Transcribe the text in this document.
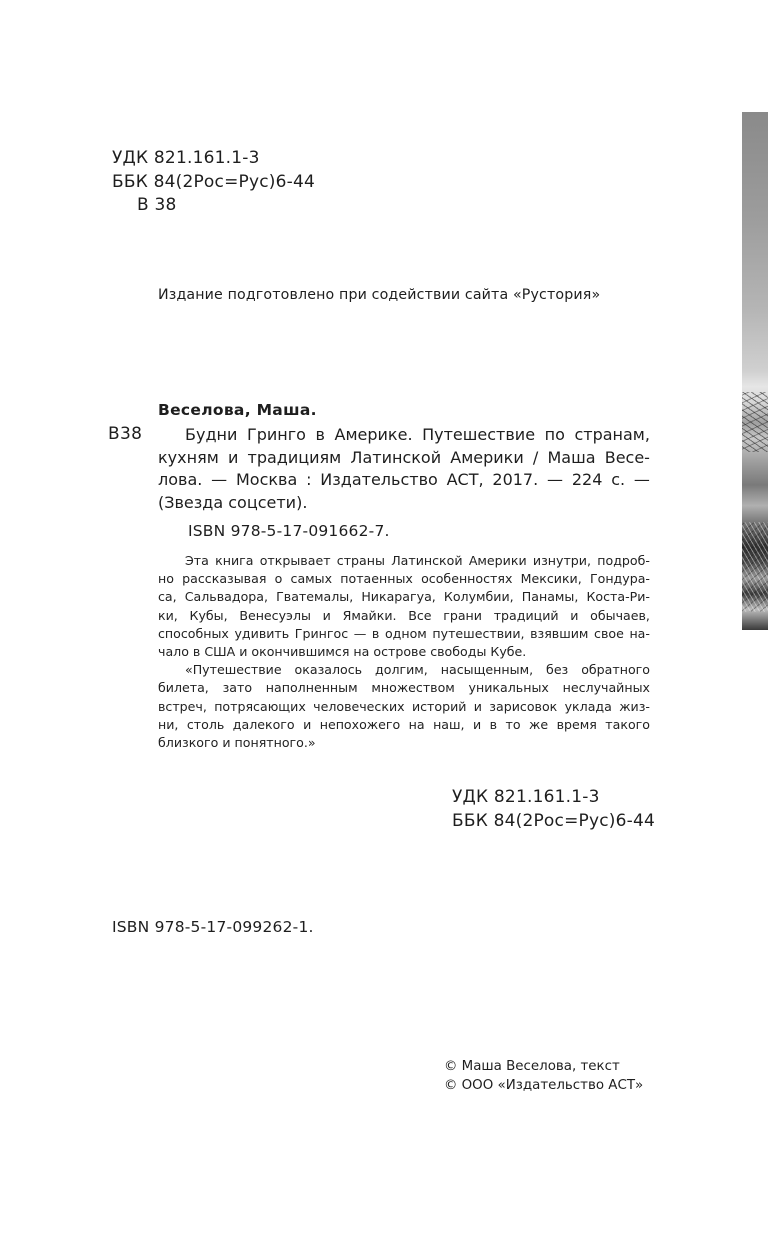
УДК 821.161.1-3
ББК 84(2Рос=Рус)6-44
В 38
Издание подготовлено при содействии сайта «Рустория»
Веселова, Маша.
В38	Будни Гринго в Америке. Путешествие по странам,
кухням и традициям Латинской Америки / Маша Весе-
лова. — Москва : Издательство АСТ, 2017. — 224 с. —
(Звезда соцсети).
ISBN 978-5-17-091662-7.
Эта книга открывает страны Латинской Америки изнутри, подроб-
но рассказывая о самых потаенных особенностях Мексики, Гондура-
са, Сальвадора, Гватемалы, Никарагуа, Колумбии, Панамы, Коста-Ри-
ки, Кубы, Венесуэлы и Ямайки. Все грани традиций и обычаев,
способных удивить Грингос — в одном путешествии, взявшим свое на-
чало в США и окончившимся на острове свободы Кубе.
«Путешествие оказалось долгим, насыщенным, без обратного
билета, зато наполненным множеством уникальных неслучайных
встреч, потрясающих человеческих историй и зарисовок уклада жиз-
ни, столь далекого и непохожего на наш, и в то же время такого
близкого и понятного.»
УДК 821.161.1-3
ББК 84(2Рос=Рус)6-44
ISBN 978-5-17-099262-1.
© Маша Веселова, текст
© ООО «Издательство АСТ»
